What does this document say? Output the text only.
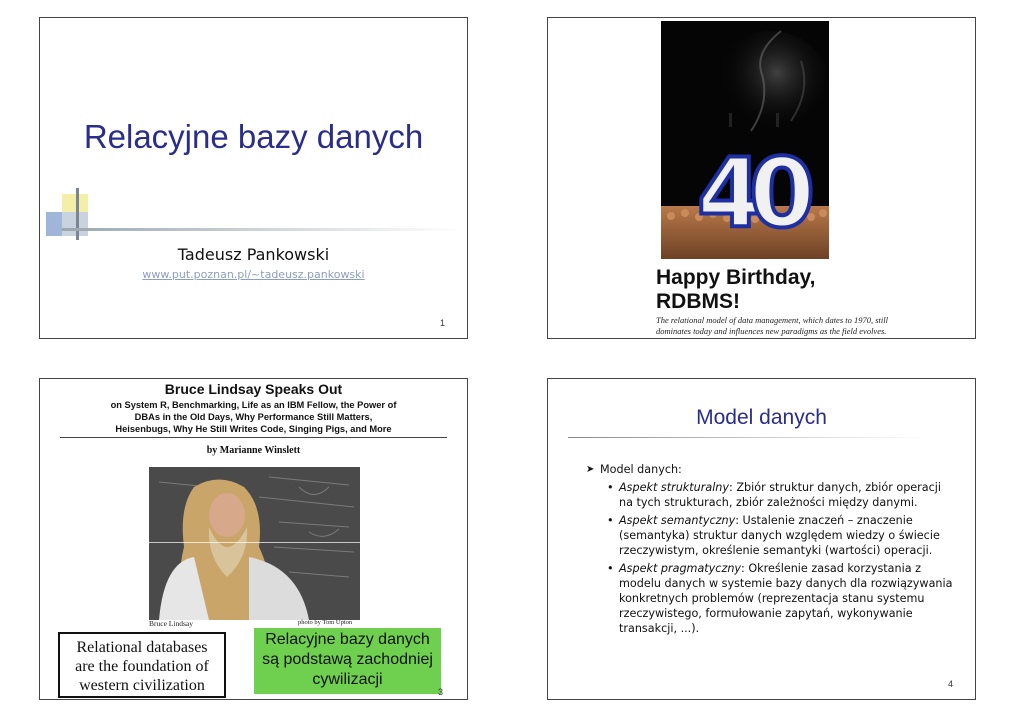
Relacyjne bazy danych
Tadeusz Pankowski
www.put.poznan.pl/~tadeusz.pankowski
1
4
0
Happy Birthday,
RDBMS!
The relational model of data management, which dates to 1970, still
dominates today and influences new paradigms as the field evolves.
Bruce Lindsay Speaks Out
on System R, Benchmarking, Life as an IBM Fellow, the Power of
DBAs in the Old Days, Why Performance Still Matters,
Heisenbugs, Why He Still Writes Code, Singing Pigs, and More
by Marianne Winslett
Bruce Lindsay	photo by Tom Upton
Relational databases
are the foundation of
western civilization
Relacyjne bazy danych
są podstawą zachodniej
cywilizacji
3
Model danych
➤ Model danych:
• Aspekt strukturalny: Zbiór struktur danych, zbiór operacji na tych strukturach, zbiór zależności między danymi.
• Aspekt semantyczny: Ustalenie znaczeń – znaczenie (semantyka) struktur danych względem wiedzy o świecie rzeczywistym, określenie semantyki (wartości) operacji.
• Aspekt pragmatyczny: Określenie zasad korzystania z modelu danych w systemie bazy danych dla rozwiązywania konkretnych problemów (reprezentacja stanu systemu rzeczywistego, formułowanie zapytań, wykonywanie transakcji, ...).
4
